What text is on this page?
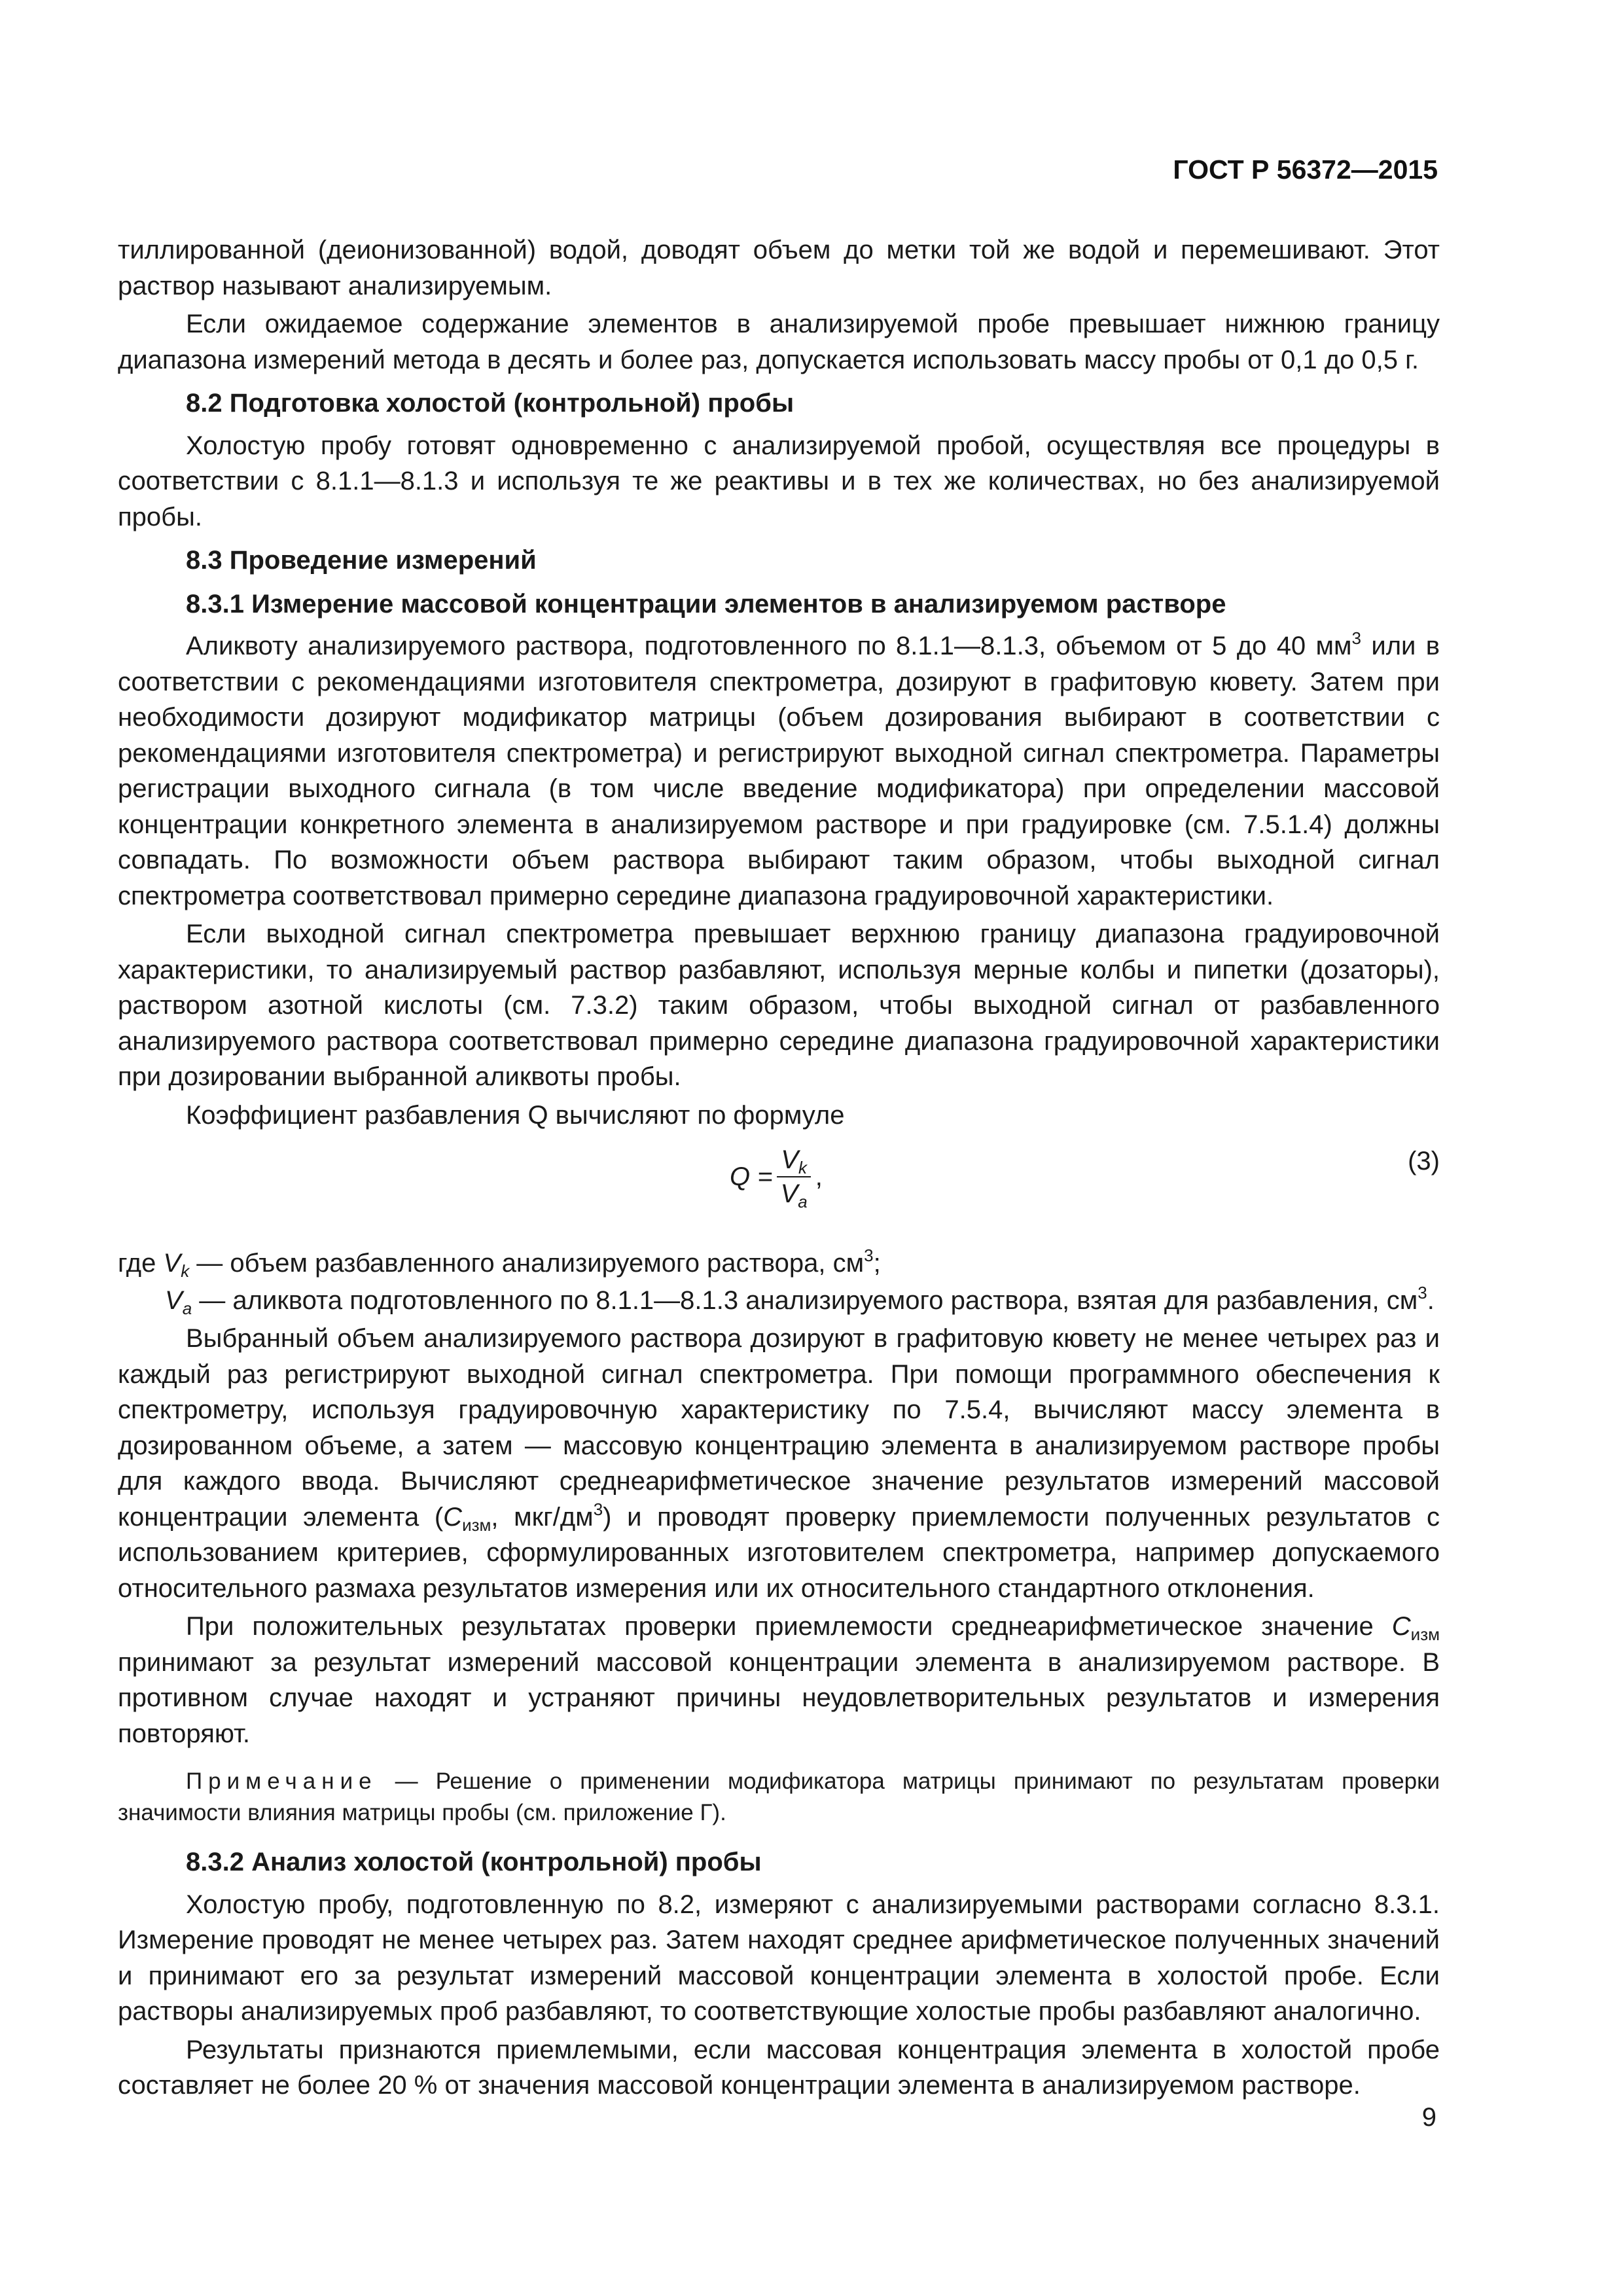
ГОСТ Р 56372—2015

тиллированной (деионизованной) водой, доводят объем до метки той же водой и перемешивают. Этот раствор называют анализируемым.

Если ожидаемое содержание элементов в анализируемой пробе превышает нижнюю границу диапазона измерений метода в десять и более раз, допускается использовать массу пробы от 0,1 до 0,5 г.

8.2 Подготовка холостой (контрольной) пробы

Холостую пробу готовят одновременно с анализируемой пробой, осуществляя все процедуры в соответствии с 8.1.1—8.1.3 и используя те же реактивы и в тех же количествах, но без анализируемой пробы.

8.3 Проведение измерений
8.3.1 Измерение массовой концентрации элементов в анализируемом растворе

Аликвоту анализируемого раствора, подготовленного по 8.1.1—8.1.3, объемом от 5 до 40 $мм^3$ или в соответствии с рекомендациями изготовителя спектрометра, дозируют в графитовую кювету. Затем при необходимости дозируют модификатор матрицы (объем дозирования выбирают в соответствии с рекомендациями изготовителя спектрометра) и регистрируют выходной сигнал спектрометра. Параметры регистрации выходного сигнала (в том числе введение модификатора) при определении массовой концентрации конкретного элемента в анализируемом растворе и при градуировке (см. 7.5.1.4) должны совпадать. По возможности объем раствора выбирают таким образом, чтобы выходной сигнал спектрометра соответствовал примерно середине диапазона градуировочной характеристики.

Если выходной сигнал спектрометра превышает верхнюю границу диапазона градуировочной характеристики, то анализируемый раствор разбавляют, используя мерные колбы и пипетки (дозаторы), раствором азотной кислоты (см. 7.3.2) таким образом, чтобы выходной сигнал от разбавленного анализируемого раствора соответствовал примерно середине диапазона градуировочной характеристики при дозировании выбранной аликвоты пробы.

Коэффициент разбавления Q вычисляют по формуле

$Q = \frac{V_k}{V_a}$ ,
(3)

где $V_k$ — объем разбавленного анализируемого раствора, $см^3$;

$V_a$ — аликвота подготовленного по 8.1.1—8.1.3 анализируемого раствора, взятая для разбавления, $см^3$.

Выбранный объем анализируемого раствора дозируют в графитовую кювету не менее четырех раз и каждый раз регистрируют выходной сигнал спектрометра. При помощи программного обеспечения к спектрометру, используя градуировочную характеристику по 7.5.4, вычисляют массу элемента в дозированном объеме, а затем — массовую концентрацию элемента в анализируемом растворе пробы для каждого ввода. Вычисляют среднеарифметическое значение результатов измерений массовой концентрации элемента ($C_{изм}$, мкг/$дм^3$) и проводят проверку приемлемости полученных результатов с использованием критериев, сформулированных изготовителем спектрометра, например допускаемого относительного размаха результатов измерения или их относительного стандартного отклонения.

При положительных результатах проверки приемлемости среднеарифметическое значение $C_{изм}$ принимают за результат измерений массовой концентрации элемента в анализируемом растворе. В противном случае находят и устраняют причины неудовлетворительных результатов и измерения повторяют.

Примечание — Решение о применении модификатора матрицы принимают по результатам проверки значимости влияния матрицы пробы (см. приложение Г).

8.3.2 Анализ холостой (контрольной) пробы

Холостую пробу, подготовленную по 8.2, измеряют с анализируемыми растворами согласно 8.3.1. Измерение проводят не менее четырех раз. Затем находят среднее арифметическое полученных значений и принимают его за результат измерений массовой концентрации элемента в холостой пробе. Если растворы анализируемых проб разбавляют, то соответствующие холостые пробы разбавляют аналогично.

Результаты признаются приемлемыми, если массовая концентрация элемента в холостой пробе составляет не более 20 % от значения массовой концентрации элемента в анализируемом растворе.

9
